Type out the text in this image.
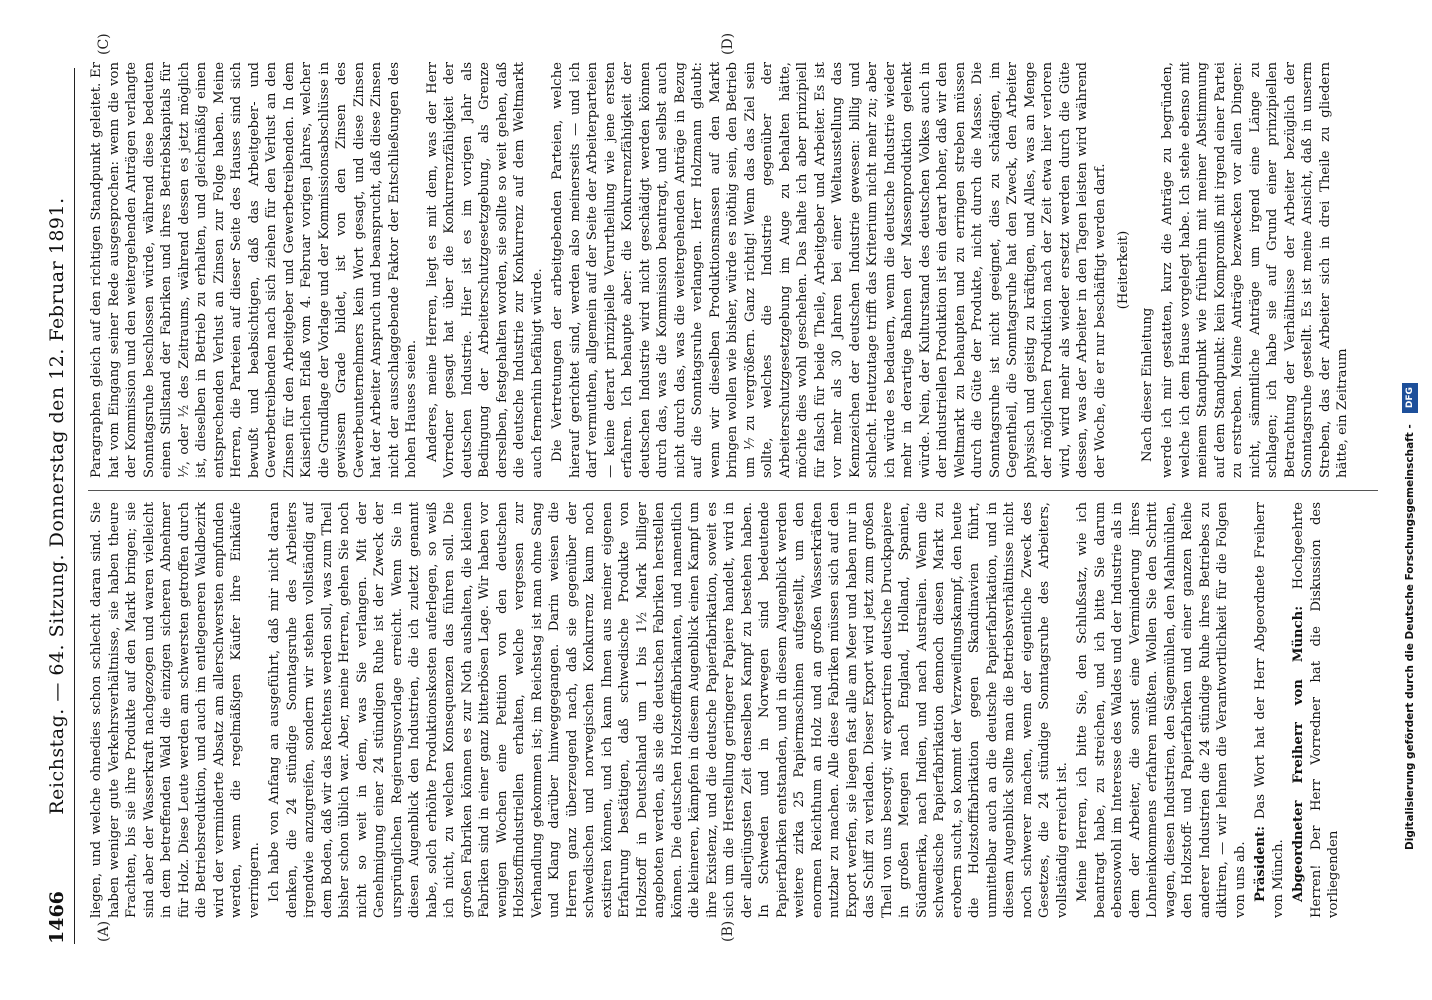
1466
Reichstag. — 64. Sitzung. Donnerstag den 12. Februar 1891.
(A)	(B)
(C)	(D)

liegen, und welche ohnedies schon schlecht daran sind. Sie haben weniger gute Verkehrsverhältnisse, sie haben theure Frachten, bis sie ihre Produkte auf den Markt bringen; sie sind aber der Wasserkraft nachgezogen und waren vielleicht in dem betreffenden Wald die einzigen sicheren Abnehmer für Holz. Diese Leute werden am schwersten getroffen durch die Betriebsreduktion, und auch im entlegeneren Waldbezirk wird der verminderte Absatz am allerschwersten empfunden werden, wenn die regelmäßigen Käufer ihre Einkäufe verringern. Ich habe von Anfang an ausgeführt, daß mir nicht daran denken, die 24 stündige Sonntagsruhe des Arbeiters irgendwie anzugreifen, sondern wir stehen vollständig auf dem Boden, daß wir das Rechtens werden soll, was zum Theil bisher schon üblich war. Aber, meine Herren, gehen Sie noch nicht so weit in dem, was Sie verlangen. Mit der Genehmigung einer 24 stündigen Ruhe ist der Zweck der ursprünglichen Regierungsvorlage erreicht. Wenn Sie in diesen Augenblick den Industrien, die ich zuletzt genannt habe, solch erhöhte Produktionskosten auferlegen, so weiß ich nicht, zu welchen Konsequenzen das führen soll. Die großen Fabriken können es zur Noth aushalten, die kleinen Fabriken sind in einer ganz bitterbösen Lage. Wir haben vor wenigen Wochen eine Petition von den deutschen Holzstoffindustriellen erhalten, welche vergessen zur Verhandlung gekommen ist; im Reichstag ist man ohne Sang und Klang darüber hinweggegangen. Darin weisen die Herren ganz überzeugend nach, daß sie gegenüber der schwedischen und norwegischen Konkurrenz kaum noch existiren können, und ich kann Ihnen aus meiner eigenen Erfahrung bestätigen, daß schwedische Produkte von Holzstoff in Deutschland um 1 bis 1½ Mark billiger angeboten werden, als sie die deutschen Fabriken herstellen können. Die deutschen Holzstofffabrikanten, und namentlich die kleineren, kämpfen in diesem Augenblick einen Kampf um ihre Existenz, und die deutsche Papierfabrikation, soweit es sich um die Herstellung geringerer Papiere handelt, wird in der allerjüngsten Zeit denselben Kampf zu bestehen haben. In Schweden und in Norwegen sind bedeutende Papierfabriken entstanden, und in diesem Augenblick werden weitere zirka 25 Papiermaschinen aufgestellt, um den enormen Reichthum an Holz und an großen Wasserkräften nutzbar zu machen. Alle diese Fabriken müssen sich auf den Export werfen, sie liegen fast alle am Meer und haben nur in das Schiff zu verladen. Dieser Export wird jetzt zum großen Theil von uns besorgt; wir exportiren deutsche Druckpapiere in großen Mengen nach England, Holland, Spanien, Südamerika, nach Indien, und nach Australien. Wenn die schwedische Papierfabrikation dennoch diesen Markt zu erobern sucht, so kommt der Verzweiflungskampf, den heute die Holzstofffabrikation gegen Skandinavien führt, unmittelbar auch an die deutsche Papierfabrikation, und in diesem Augenblick sollte man die Betriebsverhältnisse nicht noch schwerer machen, wenn der eigentliche Zweck des Gesetzes, die 24 stündige Sonntagsruhe des Arbeiters, vollständig erreicht ist. Meine Herren, ich bitte Sie, den Schlußsatz, wie ich beantragt habe, zu streichen, und ich bitte Sie darum ebensowohl im Interesse des Waldes und der Industrie als in dem der Arbeiter, die sonst eine Verminderung ihres Lohneinkommens erfahren müßten. Wollen Sie den Schritt wagen, diesen Industrien, den Sägemühlen, den Mahlmühlen, den Holzstoff- und Papierfabriken und einer ganzen Reihe anderer Industrien die 24 stündige Ruhe ihres Betriebes zu diktiren, — wir lehnen die Verantwortlichkeit für die Folgen von uns ab. Präsident: Das Wort hat der Herr Abgeordnete Freiherr von Münch. Abgeordneter Freiherr von Münch: Hochgeehrte Herren! Der Herr Vorredner hat die Diskussion des vorliegenden

Paragraphen gleich auf den richtigen Standpunkt geleitet. Er hat vom Eingang seiner Rede ausgesprochen: wenn die von der Kommission und den weitergehenden Anträgen verlangte Sonntagsruhe beschlossen würde, während diese bedeuten einen Stillstand der Fabriken und ihres Betriebskapitals für ¹⁄₇, oder ¹⁄₂ des Zeitraums, während dessen es jetzt möglich ist, dieselben in Betrieb zu erhalten, und gleichmäßig einen entsprechenden Verlust an Zinsen zur Folge haben. Meine Herren, die Parteien auf dieser Seite des Hauses sind sich bewußt und beabsichtigen, daß das Arbeitgeber- und Gewerbetreibenden nach sich ziehen für den Verlust an den Zinsen für den Arbeitgeber und Gewerbetreibenden. In dem Kaiserlichen Erlaß vom 4. Februar vorigen Jahres, welcher die Grundlage der Vorlage und der Kommissionsabschlüsse in gewissem Grade bildet, ist von den Zinsen des Gewerbeunternehmers kein Wort gesagt, und diese Zinsen hat der Arbeiter Anspruch und beansprucht, daß diese Zinsen nicht der ausschlaggebende Faktor der Entschließungen des hohen Hauses seien. Anderes, meine Herren, liegt es mit dem, was der Herr Vorredner gesagt hat über die Konkurrenzfähigkeit der deutschen Industrie. Hier ist es im vorigen Jahr als Bedingung der Arbeiterschutzgesetzgebung, als Grenze derselben, festgehalten worden, sie sollte so weit gehen, daß die deutsche Industrie zur Konkurrenz auf dem Weltmarkt auch fernerhin befähigt würde. Die Vertretungen der arbeitgebenden Parteien, welche hierauf gerichtet sind, werden also meinerseits — und ich darf vermuthen, allgemein auf der Seite der Arbeiterparteien — keine derart prinzipielle Verurtheilung wie jene ersten erfahren. Ich behaupte aber: die Konkurrenzfähigkeit der deutschen Industrie wird nicht geschädigt werden können durch das, was die Kommission beantragt, und selbst auch nicht durch das, was die weitergehenden Anträge in Bezug auf die Sonntagsruhe verlangen. Herr Holzmann glaubt: wenn wir dieselben Produktionsmassen auf den Markt bringen wollen wie bisher, würde es nöthig sein, den Betrieb um ¹⁄₇ zu vergrößern. Ganz richtig! Wenn das das Ziel sein sollte, welches die Industrie gegenüber der Arbeiterschutzgesetzgebung im Auge zu behalten hätte, möchte dies wohl geschehen. Das halte ich aber prinzipiell für falsch für beide Theile, Arbeitgeber und Arbeiter. Es ist vor mehr als 30 Jahren bei einer Weltausstellung das Kennzeichen der deutschen Industrie gewesen: billig und schlecht. Heutzutage trifft das Kriterium nicht mehr zu; aber ich würde es bedauern, wenn die deutsche Industrie wieder mehr in derartige Bahnen der Massenproduktion gelenkt würde. Nein, der Kulturstand des deutschen Volkes auch in der industriellen Produktion ist ein derart hoher, daß wir den Weltmarkt zu behaupten und zu erringen streben müssen durch die Güte der Produkte, nicht durch die Masse. Die Sonntagsruhe ist nicht geeignet, dies zu schädigen, im Gegentheil, die Sonntagsruhe hat den Zweck, den Arbeiter physisch und geistig zu kräftigen, und Alles, was an Menge der möglichen Produktion nach der Zeit etwa hier verloren wird, wird mehr als wieder ersetzt werden durch die Güte dessen, was der Arbeiter in den Tagen leisten wird während der Woche, die er nur beschäftigt werden darf. (Heiterkeit)

Nach dieser Einleitung werde ich mir gestatten, kurz die Anträge zu begründen, welche ich dem Hause vorgelegt habe. Ich stehe ebenso mit meinem Standpunkt wie früherhin mit meiner Abstimmung auf dem Standpunkt: kein Kompromiß mit irgend einer Partei zu erstreben. Meine Anträge bezwecken vor allen Dingen: nicht, sämmtliche Anträge um irgend eine Länge zu schlagen; ich habe sie auf Grund einer prinzipiellen Betrachtung der Verhältnisse der Arbeiter bezüglich der Sonntagsruhe gestellt. Es ist meine Ansicht, daß in unserm Streben, das der Arbeiter sich in drei Theile zu gliedern hätte, ein Zeitraum

Digitalisierung gefördert durch die Deutsche Forschungsgemeinschaft - DFG
